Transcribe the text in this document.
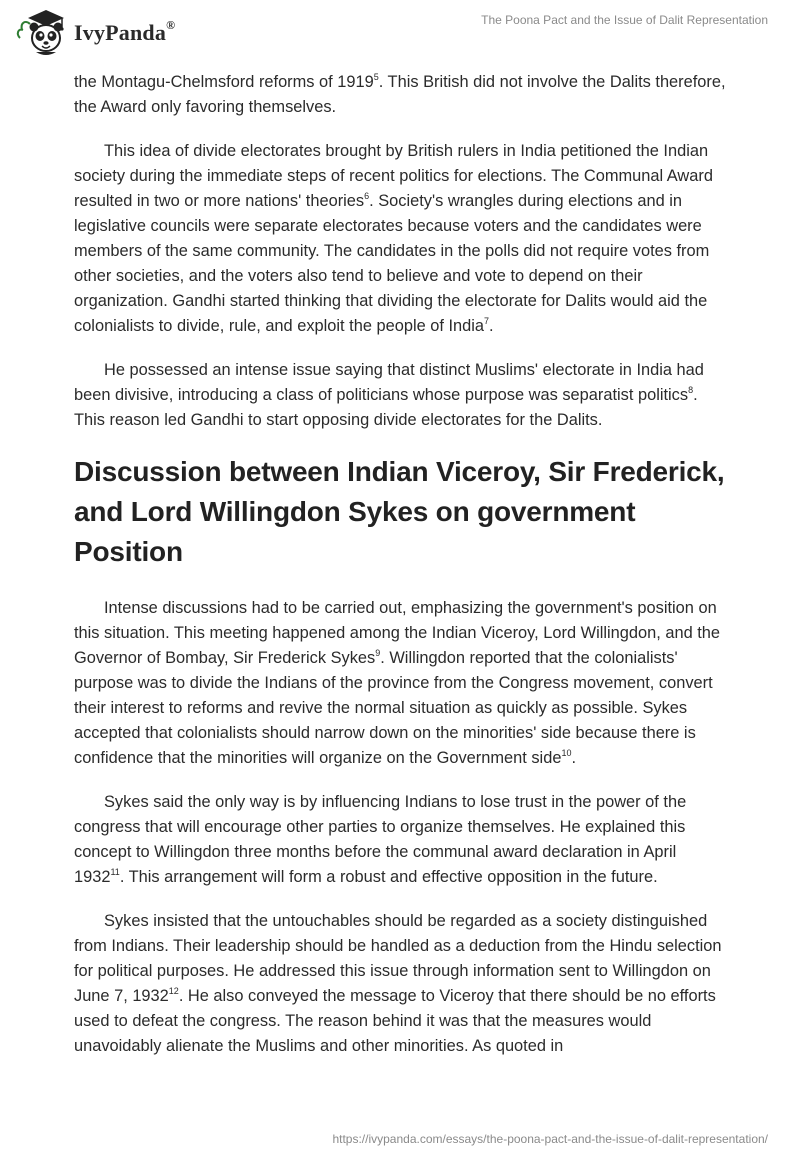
IvyPanda®	The Poona Pact and the Issue of Dalit Representation

the Montagu-Chelmsford reforms of 1919$^5$. This British did not involve the Dalits therefore, the Award only favoring themselves.

This idea of divide electorates brought by British rulers in India petitioned the Indian society during the immediate steps of recent politics for elections. The Communal Award resulted in two or more nations' theories$^6$. Society's wrangles during elections and in legislative councils were separate electorates because voters and the candidates were members of the same community. The candidates in the polls did not require votes from other societies, and the voters also tend to believe and vote to depend on their organization. Gandhi started thinking that dividing the electorate for Dalits would aid the colonialists to divide, rule, and exploit the people of India$^7$.

He possessed an intense issue saying that distinct Muslims' electorate in India had been divisive, introducing a class of politicians whose purpose was separatist politics$^8$. This reason led Gandhi to start opposing divide electorates for the Dalits.

Discussion between Indian Viceroy, Sir Frederick, and Lord Willingdon Sykes on government Position

Intense discussions had to be carried out, emphasizing the government's position on this situation. This meeting happened among the Indian Viceroy, Lord Willingdon, and the Governor of Bombay, Sir Frederick Sykes$^9$. Willingdon reported that the colonialists' purpose was to divide the Indians of the province from the Congress movement, convert their interest to reforms and revive the normal situation as quickly as possible. Sykes accepted that colonialists should narrow down on the minorities' side because there is confidence that the minorities will organize on the Government side$^{10}$.

Sykes said the only way is by influencing Indians to lose trust in the power of the congress that will encourage other parties to organize themselves. He explained this concept to Willingdon three months before the communal award declaration in April 1932$^{11}$. This arrangement will form a robust and effective opposition in the future.

Sykes insisted that the untouchables should be regarded as a society distinguished from Indians. Their leadership should be handled as a deduction from the Hindu selection for political purposes. He addressed this issue through information sent to Willingdon on June 7, 1932$^{12}$. He also conveyed the message to Viceroy that there should be no efforts used to defeat the congress. The reason behind it was that the measures would unavoidably alienate the Muslims and other minorities. As quoted in

https://ivypanda.com/essays/the-poona-pact-and-the-issue-of-dalit-representation/
